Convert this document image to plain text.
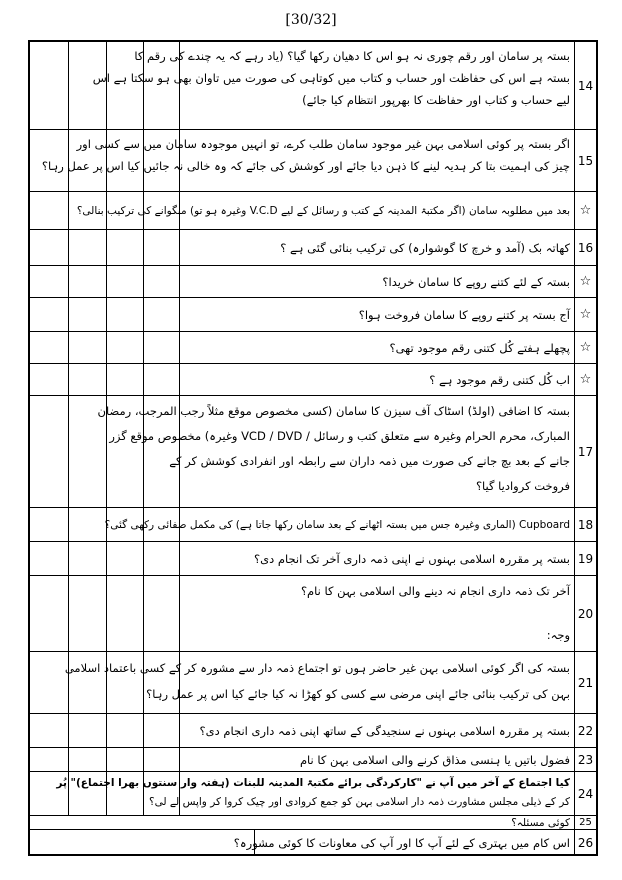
[30/32]
بستہ پر سامان اور رقم چوری نہ ہو اس کا دھیان رکھا گیا؟ (یاد رہے کہ یہ چندے کی رقم کا
بستہ ہے اس کی حفاظت اور حساب و کتاب میں کوتاہی کی صورت میں تاوان بھی ہو سکتا ہے اس
لیے حساب و کتاب اور حفاظت کا بھرپور انتظام کیا جائے)
14
اگر بستہ پر کوئی اسلامی بہن غیر موجود سامان طلب کرے، تو انہیں موجودہ سامان میں سے کسی اور
چیز کی اہمیت بتا کر ہدیہ لینے کا ذہن دیا جائے اور کوشش کی جائے کہ وہ خالی نہ جائیں کیا اس پر عمل رہا؟ 15
بعد میں مطلوبہ سامان (اگر مکتبۃ المدینہ کے کتب و رسائل کے لیے V.C.D وغیرہ ہو تو) منگوانے کی ترکیب بنالی؟ ☆
کھاتہ بک (آمد و خرچ کا گوشوارہ) کی ترکیب بنائی گئی ہے ؟ 16
بستہ کے لئے کتنے روپے کا سامان خریدا؟ ☆
آج بستہ پر کتنے روپے کا سامان فروخت ہوا؟ ☆
پچھلے ہفتے کُل کتنی رقم موجود تھی؟ ☆
اب کُل کتنی رقم موجود ہے ؟ ☆
بستہ کا اضافی (اولڈ) اسٹاک آف سیزن کا سامان (کسی مخصوص موقع مثلاً رجب المرجب، رمضان
المبارک، محرم الحرام وغیرہ سے متعلق کتب و رسائل / VCD / DVD وغیرہ) مخصوص موقع گزر
جانے کے بعد بچ جانے کی صورت میں ذمہ داران سے رابطہ اور انفرادی کوشش کر کے
فروخت کروادیا گیا؟
17
Cupboard (الماری وغیرہ جس میں بستہ اٹھانے کے بعد سامان رکھا جاتا ہے) کی مکمل صفائی رکھی گئی؟ 18
بستہ پر مقررہ اسلامی بہنوں نے اپنی ذمہ داری آخر تک انجام دی؟ 19
آخر تک ذمہ داری انجام نہ دینے والی اسلامی بہن کا نام؟
وجہ:
20
بستہ کی اگر کوئی اسلامی بہن غیر حاضر ہوں تو اجتماع ذمہ دار سے مشورہ کر کے کسی باعتماد اسلامی
بہن کی ترکیب بنائی جائے اپنی مرضی سے کسی کو کھڑا نہ کیا جائے کیا اس پر عمل رہا؟
21
بستہ پر مقررہ اسلامی بہنوں نے سنجیدگی کے ساتھ اپنی ذمہ داری انجام دی؟ 22
فضول باتیں یا ہنسی مذاق کرنے والی اسلامی بہن کا نام 23
کیا اجتماع کے آخر میں آپ نے "کارکردگی برائے مکتبۃ المدینہ للبنات (ہفتہ وار سنتوں بھرا اجتماع)" پُر
کر کے ذیلی مجلس مشاورت ذمہ دار اسلامی بہن کو جمع کروادی اور چیک کروا کر واپس لے لی؟
24
کوئی مسئلہ؟ 25
اس کام میں بہتری کے لئے آپ کا اور آپ کی معاونات کا کوئی مشورہ؟ 26
